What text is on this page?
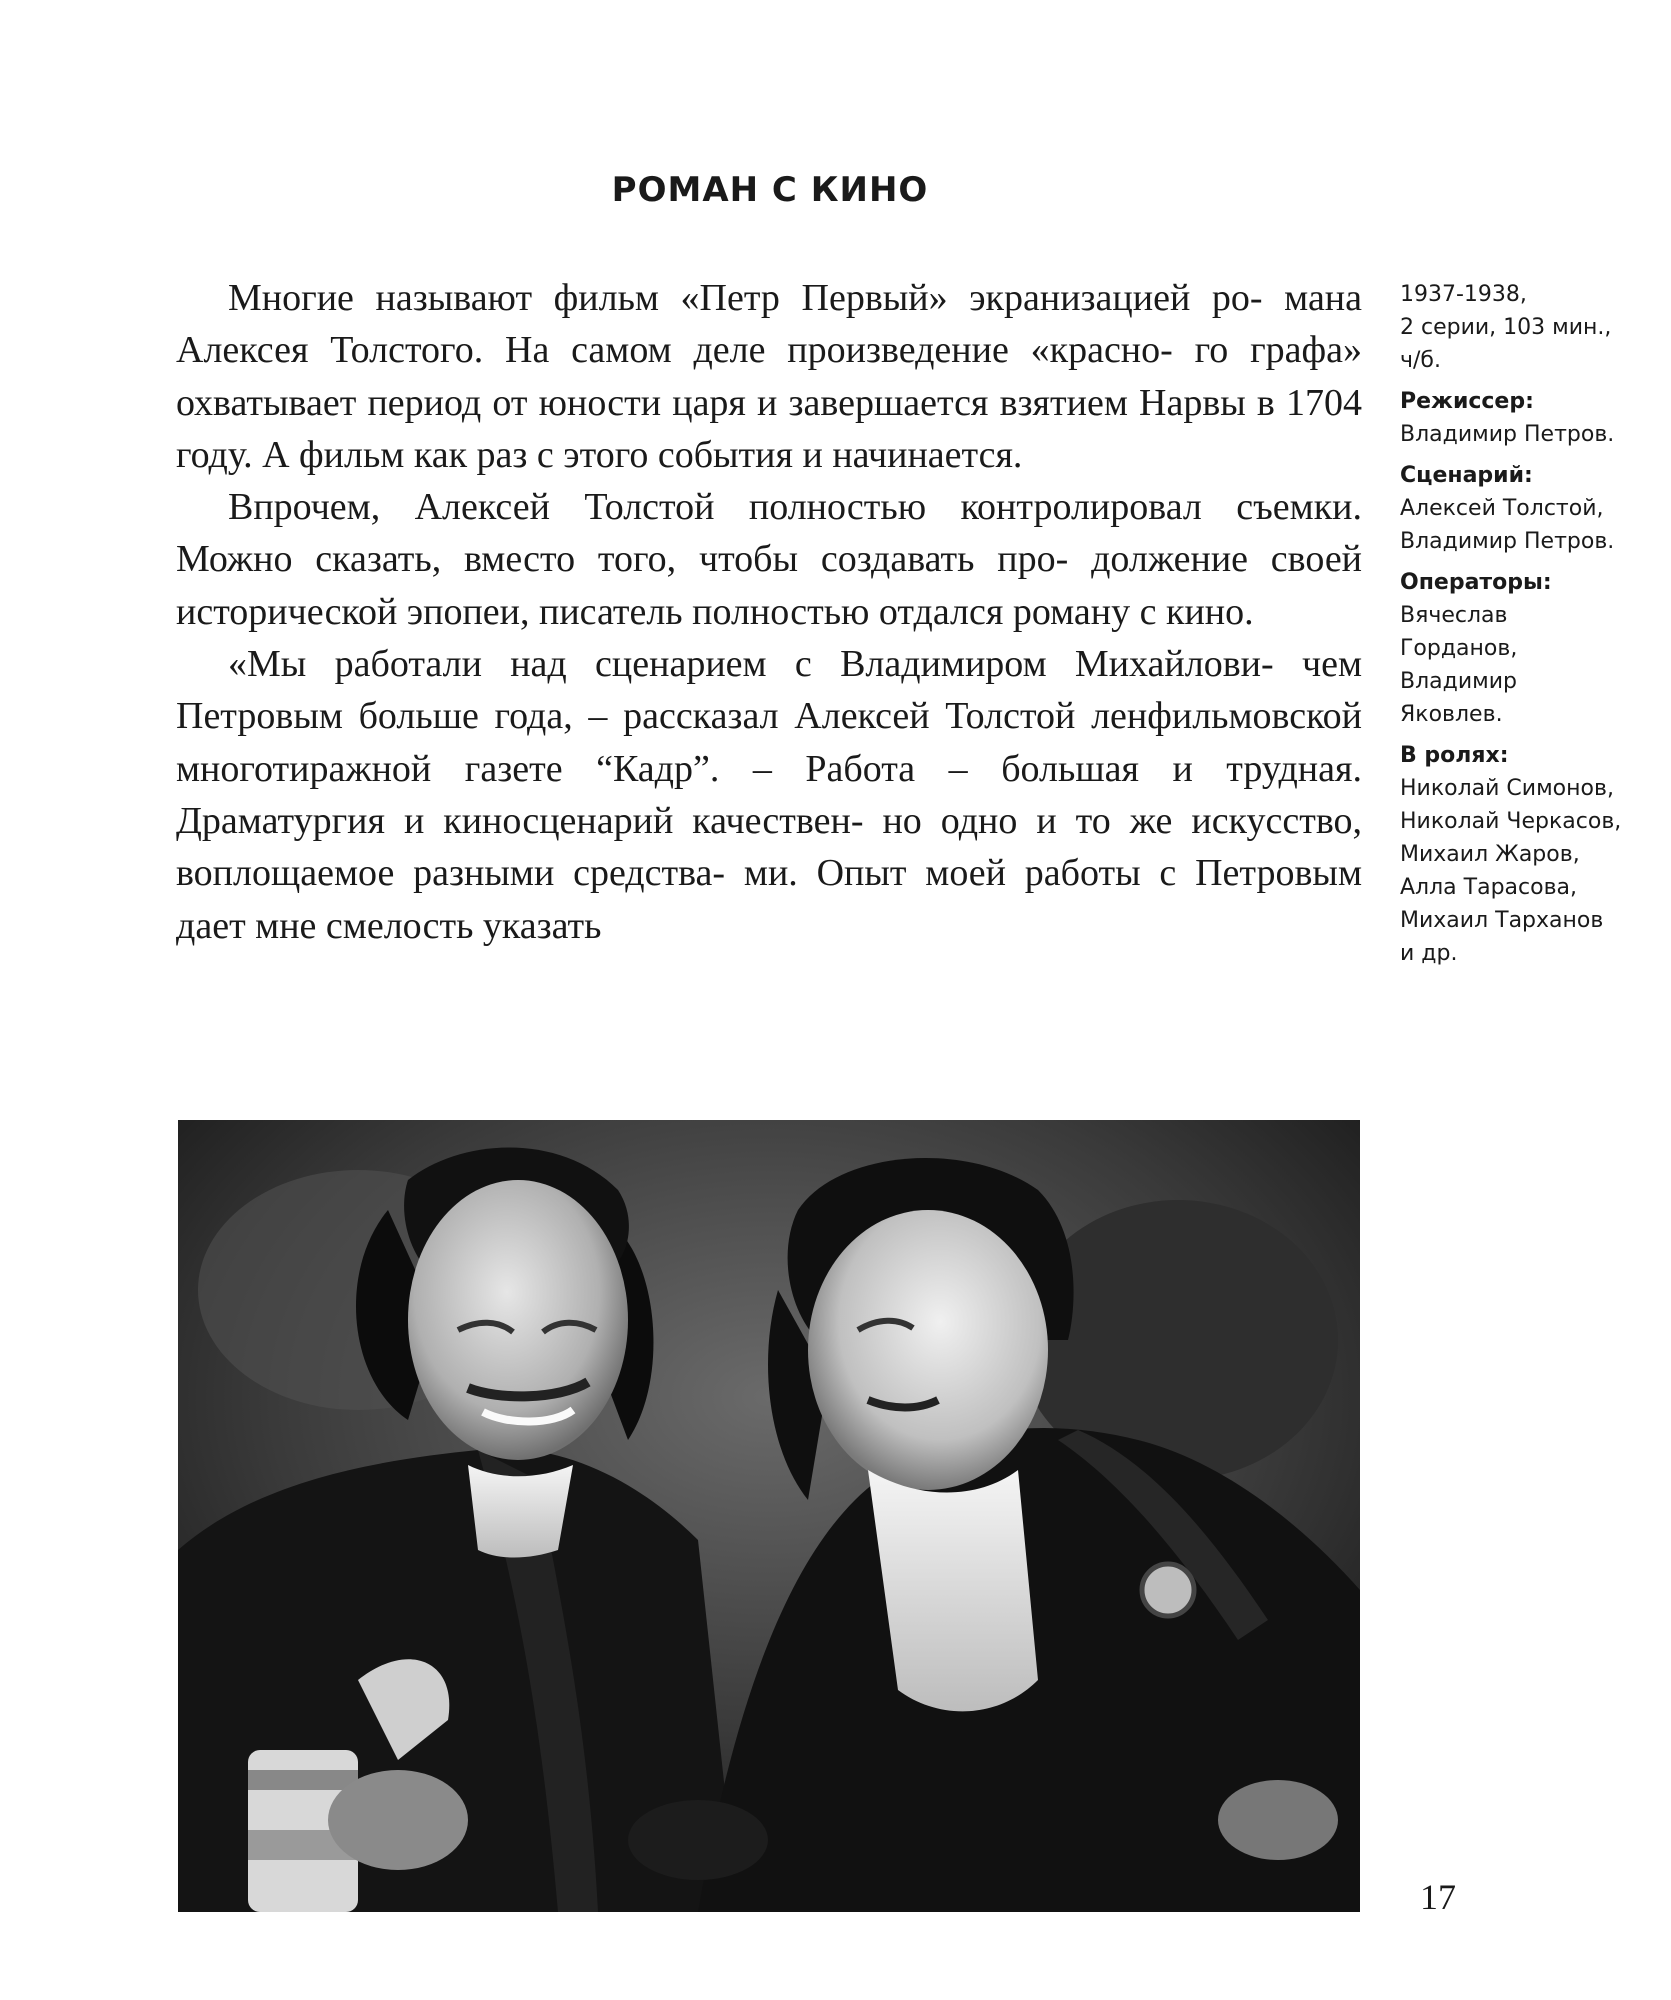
РОМАН С КИНО

Многие называют фильм «Петр Первый» экранизацией ро- мана Алексея Толстого. На самом деле произведение «красно- го графа» охватывает период от юности царя и завершается взятием Нарвы в 1704 году. А фильм как раз с этого события и начинается.

Впрочем, Алексей Толстой полностью контролировал съемки. Можно сказать, вместо того, чтобы создавать про- должение своей исторической эпопеи, писатель полностью отдался роману с кино.

«Мы работали над сценарием с Владимиром Михайлови- чем Петровым больше года, – рассказал Алексей Толстой ленфильмовской многотиражной газете “Кадр”. – Работа – большая и трудная. Драматургия и киносценарий качествен- но одно и то же искусство, воплощаемое разными средства- ми. Опыт моей работы с Петровым дает мне смелость указать

1937-1938,
2 серии, 103 мин.,
ч/б.
Режиссер:
Владимир Петров.
Сценарий:
Алексей Толстой,
Владимир Петров.
Операторы:
Вячеслав
Горданов,
Владимир
Яковлев.
В ролях:
Николай Симонов,
Николай Черкасов,
Михаил Жаров,
Алла Тарасова,
Михаил Тарханов
и др.
17
